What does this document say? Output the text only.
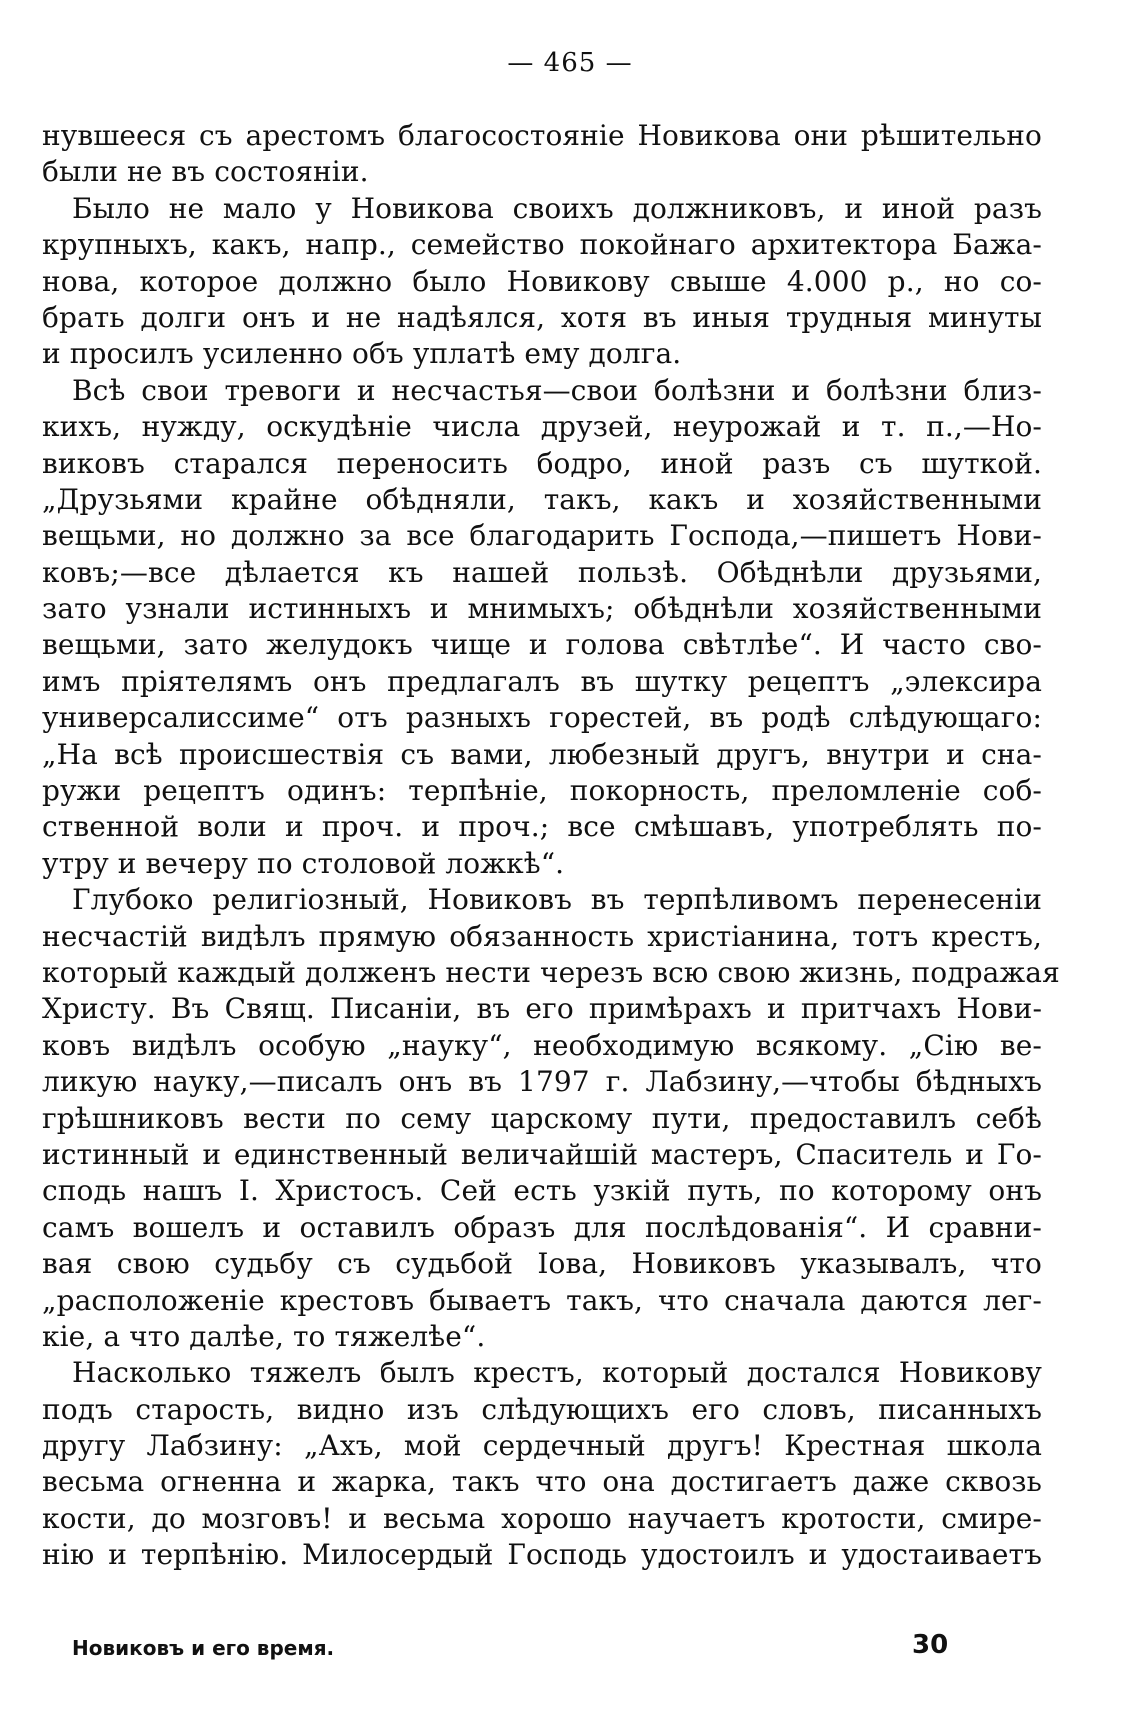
— 465 —
нувшееся съ арестомъ благосостоянiе Новикова они рѣшительно
были не въ состоянiи.
Было не мало у Новикова своихъ должниковъ, и иной разъ
крупныхъ, какъ, напр., семейство покойнаго архитектора Бажа-
нова, которое должно было Новикову свыше 4.000 р., но со-
брать долги онъ и не надѣялся, хотя въ иныя трудныя минуты
и просилъ усиленно объ уплатѣ ему долга.
Всѣ свои тревоги и несчастья—свои болѣзни и болѣзни близ-
кихъ, нужду, оскудѣнiе числа друзей, неурожай и т. п.,—Но-
виковъ старался переносить бодро, иной разъ съ шуткой.
„Друзьями крайне обѣдняли, такъ, какъ и хозяйственными
вещьми, но должно за все благодарить Господа,—пишетъ Нови-
ковъ;—все дѣлается къ нашей пользѣ. Обѣднѣли друзьями,
зато узнали истинныхъ и мнимыхъ; обѣднѣли хозяйственными
вещьми, зато желудокъ чище и голова свѣтлѣе“. И часто сво-
имъ прiятелямъ онъ предлагалъ въ шутку рецептъ „элексира
универсалиссиме“ отъ разныхъ горестей, въ родѣ слѣдующаго:
„На всѣ происшествiя съ вами, любезный другъ, внутри и сна-
ружи рецептъ одинъ: терпѣнiе, покорность, преломленiе соб-
ственной воли и проч. и проч.; все смѣшавъ, употреблять по-
утру и вечеру по столовой ложкѣ“.
Глубоко религiозный, Новиковъ въ терпѣливомъ перенесенiи
несчастiй видѣлъ прямую обязанность христiанина, тотъ крестъ,
который каждый долженъ нести черезъ всю свою жизнь, подражая
Христу. Въ Свящ. Писанiи, въ его примѣрахъ и притчахъ Нови-
ковъ видѣлъ особую „науку“, необходимую всякому. „Сiю ве-
ликую науку,—писалъ онъ въ 1797 г. Лабзину,—чтобы бѣдныхъ
грѣшниковъ вести по сему царскому пути, предоставилъ себѣ
истинный и единственный величайшiй мастеръ, Спаситель и Го-
сподь нашъ I. Христосъ. Сей есть узкiй путь, по которому онъ
самъ вошелъ и оставилъ образъ для послѣдованiя“. И сравни-
вая свою судьбу съ судьбой Iова, Новиковъ указывалъ, что
„расположенiе крестовъ бываетъ такъ, что сначала даются лег-
кiе, а что далѣе, то тяжелѣе“.
Насколько тяжелъ былъ крестъ, который достался Новикову
подъ старость, видно изъ слѣдующихъ его словъ, писанныхъ
другу Лабзину: „Ахъ, мой сердечный другъ! Крестная школа
весьма огненна и жарка, такъ что она достигаетъ даже сквозь
кости, до мозговъ! и весьма хорошо научаетъ кротости, смире-
нiю и терпѣнiю. Милосердый Господь удостоилъ и удостаиваетъ
Новиковъ и его время.	30
